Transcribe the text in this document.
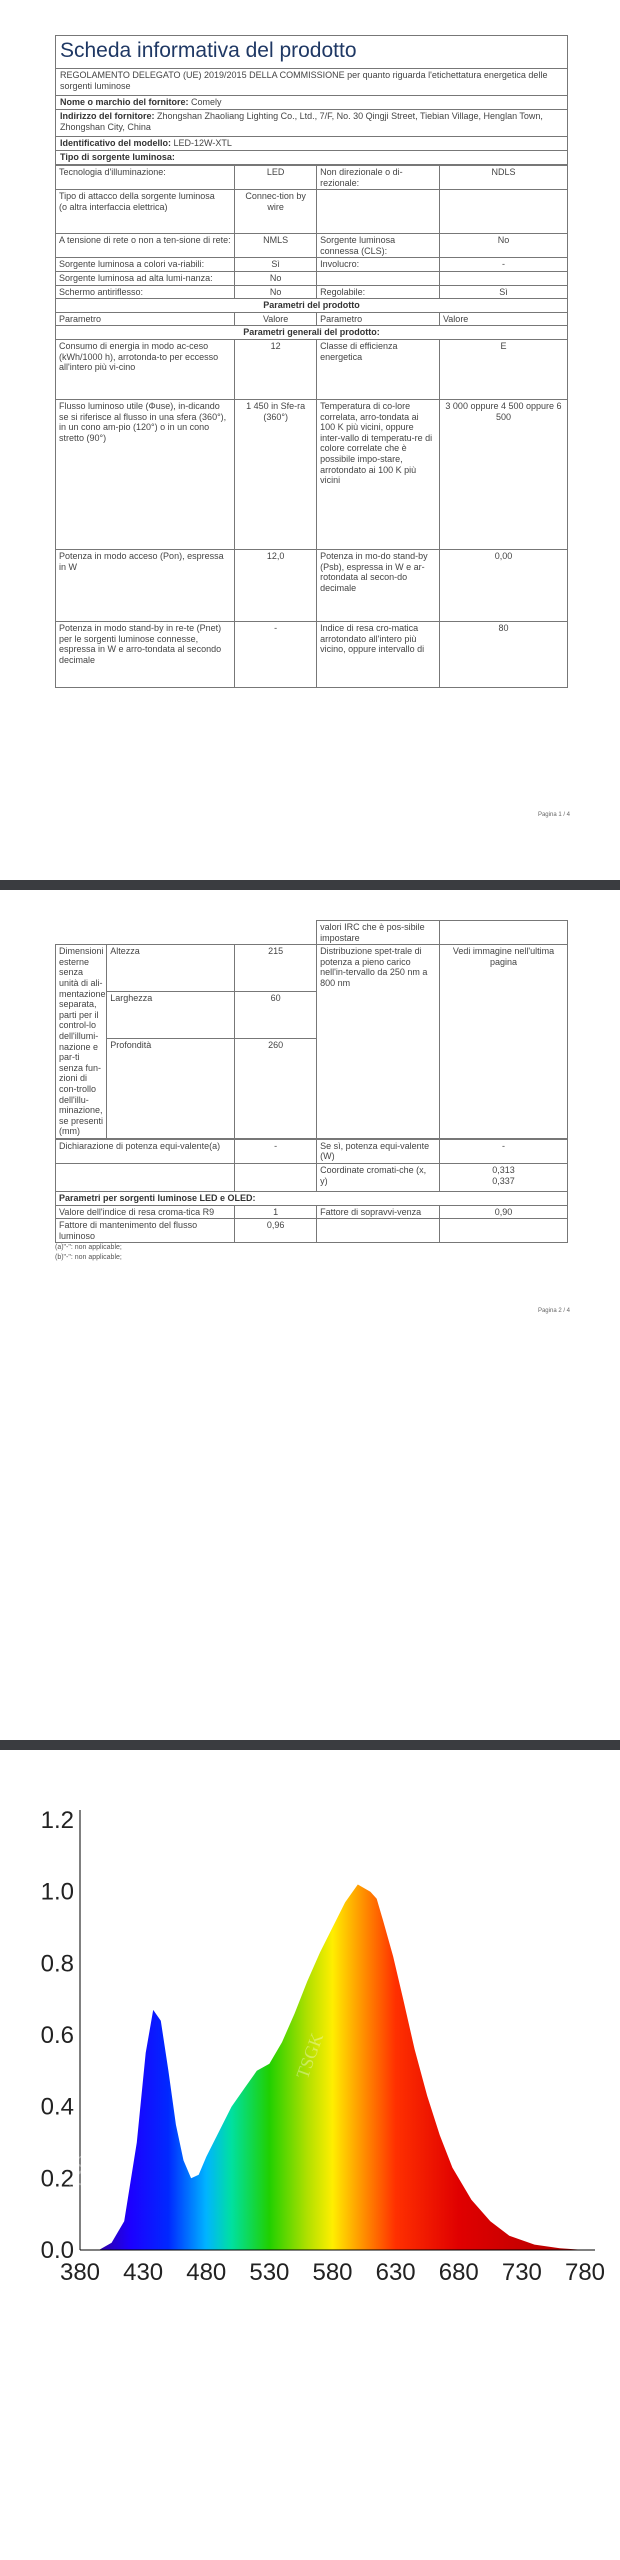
Scheda informativa del prodotto
REGOLAMENTO DELEGATO (UE) 2019/2015 DELLA COMMISSIONE per quanto riguarda l'etichettatura energetica delle sorgenti luminose
Nome o marchio del fornitore: Comely
Indirizzo del fornitore: Zhongshan Zhaoliang Lighting Co., Ltd., 7/F, No. 30 Qingji Street, Tiebian Village, Henglan Town, Zhongshan City, China
Identificativo del modello: LED-12W-XTL
Tipo di sorgente luminosa:
Tecnologia d'illuminazione:	LED	Non direzionale o di-rezionale:	NDLS
Tipo di attacco della sorgente luminosa
(o altra interfaccia elettrica)	Connec-tion by wire		
A tensione di rete o non a ten-sione di rete:	NMLS	Sorgente luminosa connessa (CLS):	No
Sorgente luminosa a colori va-riabili:	Sì	Involucro:	-
Sorgente luminosa ad alta lumi-nanza:	No		
Schermo antiriflesso:	No	Regolabile:	Sì
Parametri del prodotto			
Parametro	Valore	Parametro	Valore
Parametri generali del prodotto:			
Consumo di energia in modo ac-ceso (kWh/1000 h), arrotonda-to per eccesso all'intero più vi-cino	12	Classe di efficienza energetica	E
Flusso luminoso utile (Φuse), in-dicando se si riferisce al flusso in una sfera (360°), in un cono am-pio (120°) o in un cono stretto (90°)	1 450 in Sfe-ra (360°)	Temperatura di co-lore correlata, arro-tondata ai 100 K più vicini, oppure inter-vallo di temperatu-re di colore correlate che è possibile impo-stare, arrotondato ai 100 K più vicini	3 000 oppure 4 500 oppure 6 500
Potenza in modo acceso (Pon), espressa in W	12,0	Potenza in mo-do stand-by (Psb), espressa in W e ar-rotondata al secon-do decimale	0,00
Potenza in modo stand-by in re-te (Pnet) per le sorgenti luminose connesse, espressa in W e arro-tondata al secondo decimale	-	Indice di resa cro-matica arrotondato all'intero più vicino, oppure intervallo di	80
Pagina 1 / 4
			valori IRC che è pos-sibile impostare	
Dimensioni esterne senza unità di ali-mentazione separata, parti per il control-lo dell'illumi-nazione e par-ti senza fun-zioni di con-trollo dell'illu-minazione, se presenti (mm)	Altezza	215	Distribuzione spet-trale di potenza a pieno carico nell'in-tervallo da 250 nm a 800 nm	Vedi immagine nell'ultima pagina
	Larghezza	60		
	Profondità	260		
Dichiarazione di potenza equi-valente(a)	-	Se sì, potenza equi-valente (W)	-
		Coordinate cromati-che (x, y)	0,313
0,337
Parametri per sorgenti luminose LED e OLED:			
Valore dell'indice di resa croma-tica R9	1	Fattore di sopravvi-venza	0,90
Fattore di mantenimento del flusso luminoso	0,96		
(a)"-": non applicable;
(b)"-": non applicable;
Pagina 2 / 4
1.2
1.0
0.8
0.6
0.4
0.2
0.0
380 430 480 530 580 630 680 730 780
TSGK
TSGK
TSGK
TSGK
